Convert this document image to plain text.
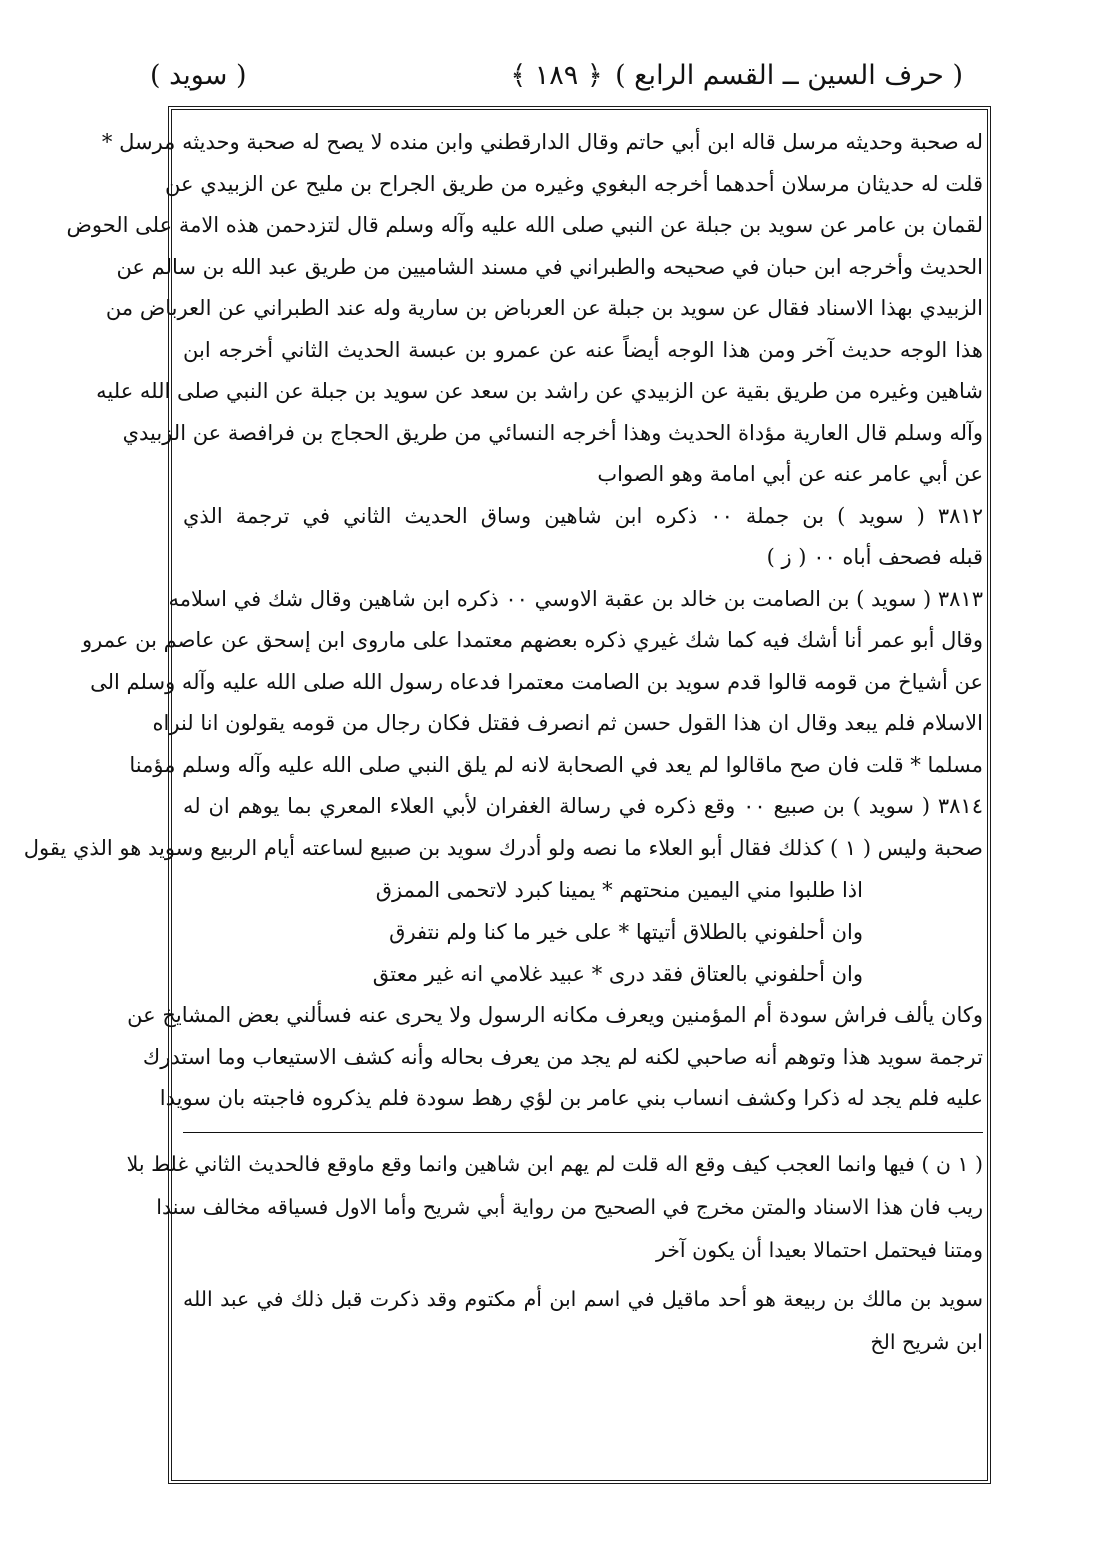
( حرف السين ــ القسم الرابع )
﴿ ١٨٩ ﴾
( سويد )
له صحبة وحديثه مرسل قاله ابن أبي حاتم وقال الدارقطني وابن منده لا يصح له صحبة وحديثه مرسل *
قلت له حديثان مرسلان أحدهما أخرجه البغوي وغيره من طريق الجراح بن مليح عن الزبيدي عن
لقمان بن عامر عن سويد بن جبلة عن النبي صلى الله عليه وآله وسلم قال لتزدحمن هذه الامة على الحوض
الحديث وأخرجه ابن حبان في صحيحه والطبراني في مسند الشاميين من طريق عبد الله بن سالم عن
الزبيدي بهذا الاسناد فقال عن سويد بن جبلة عن العرباض بن سارية وله عند الطبراني عن العرباض من
هذا الوجه حديث آخر ومن هذا الوجه أيضاً عنه عن عمرو بن عبسة الحديث الثاني أخرجه ابن
شاهين وغيره من طريق بقية عن الزبيدي عن راشد بن سعد عن سويد بن جبلة عن النبي صلى الله عليه
وآله وسلم قال العارية مؤداة الحديث وهذا أخرجه النسائي من طريق الحجاج بن فرافصة عن الزبيدي
عن أبي عامر عنه عن أبي امامة وهو الصواب
٣٨١٢ ( سويد ) بن جملة ٠٠ ذكره ابن شاهين وساق الحديث الثاني في ترجمة الذي
قبله فصحف أباه ٠٠ ( ز )
٣٨١٣ ( سويد ) بن الصامت بن خالد بن عقبة الاوسي ٠٠ ذكره ابن شاهين وقال شك في اسلامه
وقال أبو عمر أنا أشك فيه كما شك غيري ذكره بعضهم معتمدا على ماروى ابن إسحق عن عاصم بن عمرو
عن أشياخ من قومه قالوا قدم سويد بن الصامت معتمرا فدعاه رسول الله صلى الله عليه وآله وسلم الى
الاسلام فلم يبعد وقال ان هذا القول حسن ثم انصرف فقتل فكان رجال من قومه يقولون انا لنراه
مسلما * قلت فان صح ماقالوا لم يعد في الصحابة لانه لم يلق النبي صلى الله عليه وآله وسلم مؤمنا
٣٨١٤ ( سويد ) بن صبيع ٠٠ وقع ذكره في رسالة الغفران لأبي العلاء المعري بما يوهم ان له
صحبة وليس ( ١ ) كذلك فقال أبو العلاء ما نصه ولو أدرك سويد بن صبيع لساعته أيام الربيع وسويد هو الذي يقول
اذا طلبوا مني اليمين منحتهم * يمينا كبرد لاتحمى الممزق
وان أحلفوني بالطلاق أتيتها * على خير ما كنا ولم نتفرق
وان أحلفوني بالعتاق فقد درى * عبيد غلامي انه غير معتق
وكان يألف فراش سودة أم المؤمنين ويعرف مكانه الرسول ولا يحرى عنه فسألني بعض المشايخ عن
ترجمة سويد هذا وتوهم أنه صاحبي لكنه لم يجد من يعرف بحاله وأنه كشف الاستيعاب وما استدرك
عليه فلم يجد له ذكرا وكشف انساب بني عامر بن لؤي رهط سودة فلم يذكروه فاجبته بان سويدا
( ١ ن ) فيها وانما العجب كيف وقع اله قلت لم يهم ابن شاهين وانما وقع ماوقع فالحديث الثاني غلط بلا
ريب فان هذا الاسناد والمتن مخرج في الصحيح من رواية أبي شريح وأما الاول فسياقه مخالف سندا
ومتنا فيحتمل احتمالا بعيدا أن يكون آخر
سويد بن مالك بن ربيعة هو أحد ماقيل في اسم ابن أم مكتوم وقد ذكرت قبل ذلك في عبد الله
ابن شريح الخ
